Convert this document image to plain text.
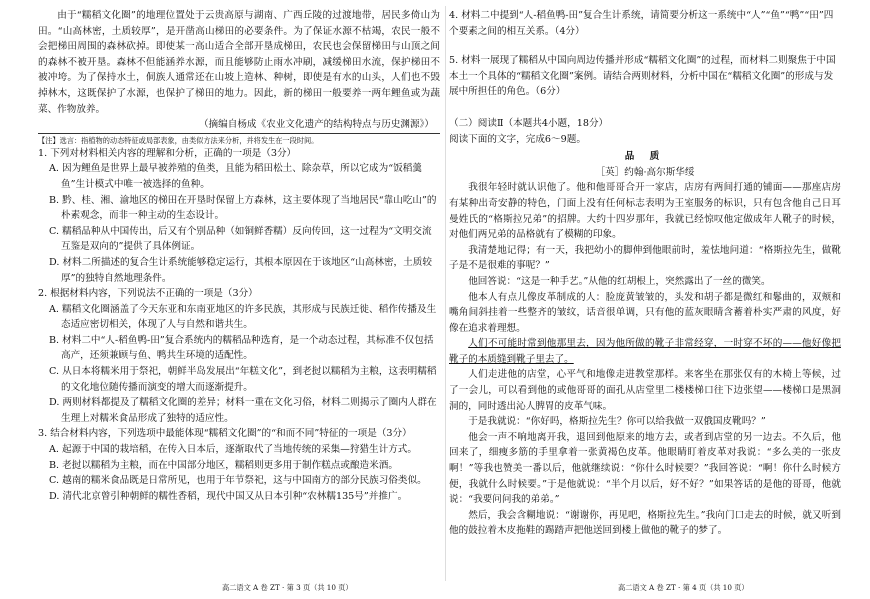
由于“糯稻文化圈”的地理位置处于云贵高原与湖南、广西丘陵的过渡地带，居民多倚山为田。“山高林密，土质较厚”，是开凿高山梯田的必要条件。为了保证水源不枯竭，农民一般不会把梯田周围的森林砍掉。即使某一高山适合全部开垦成梯田，农民也会保留梯田与山顶之间的森林不被开垦。森林不但能涵养水源，而且能够防止雨水冲刷，减缓梯田水流，保护梯田不被冲垮。为了保持水土，侗族人通常还在山坡上造林、种树，即使是有水的山头，人们也不毁掉林木，这既保护了水源，也保护了梯田的地力。因此，新的梯田一般要养一两年鲤鱼或为蔬菜、作物放养。

（摘编自杨成《农业文化遗产的结构特点与历史渊源》）

【注】选言：指植物的动态特征或局部表象，由类似方法来分析，并将发生在一段时间。

1. 下列对材料相关内容的理解和分析，正确的一项是（3分）

A. 因为鲤鱼是世界上最早被养殖的鱼类，且能为稻田松土、除杂草，所以它成为“饭稻羹鱼”生计模式中唯一被选择的鱼种。

B. 黔、桂、湘、渝地区的梯田在开垦时保留上方森林，这主要体现了当地居民“靠山吃山”的朴素观念，而非一种主动的生态设计。

C. 糯稻品种从中国传出，后又有个别品种（如铜鲜香糯）反向传回，这一过程为“文明交流互鉴是双向的”提供了具体例证。

D. 材料二所描述的复合生计系统能够稳定运行，其根本原因在于该地区“山高林密，土质较厚”的独特自然地理条件。

2. 根据材料内容，下列说法不正确的一项是（3分）

A. 糯稻文化圈涵盖了今天东亚和东南亚地区的许多民族，其形成与民族迁徙、稻作传播及生态适应密切相关，体现了人与自然和谐共生。

B. 材料二中“人-稻鱼鸭-田”复合系统内的糯稻品种选育，是一个动态过程，其标准不仅包括高产，还须兼顾与鱼、鸭共生环境的适配性。

C. 从日本将糯米用于祭祀，朝鲜半岛发展出“年糕文化”，到老挝以糯稻为主粮，这表明糯稻的文化地位随传播而演变的增大而逐渐提升。

D. 两则材料都提及了糯稻文化圈的差异；材料一重在文化习俗，材料二则揭示了圈内人群在生理上对糯米食品形成了独特的适应性。

3. 结合材料内容，下列选项中最能体现“糯稻文化圈”的“和而不同”特征的一项是（3分）

A. 起源于中国的栽培稻，在传入日本后，逐渐取代了当地传统的采集—狩猎生计方式。

B. 老挝以糯稻为主粮，而在中国部分地区，糯稻则更多用于制作糕点或酿造米酒。

C. 越南的糯米食品既是日常所见，也用于年节祭祀，这与中国南方的部分民族习俗类似。

D. 清代北京曾引种朝鲜的糯性香稻，现代中国又从日本引种“农林糯135号”并推广。

4. 材料二中提到“人-稻鱼鸭-田”复合生计系统，请简要分析这一系统中“人”“鱼”“鸭”“田”四个要素之间的相互关系。（4分）

5. 材料一展现了糯稻从中国向周边传播并形成“糯稻文化圈”的过程，而材料二则聚焦于中国本土一个具体的“糯稻文化圈”案例。请结合两则材料，分析中国在“糯稻文化圈”的形成与发展中所担任的角色。（6分）

（二）阅读Ⅱ（本题共4小题，18分）

阅读下面的文字，完成6～9题。

品 质

［英］约翰·高尔斯华绥

我很年轻时就认识他了。他和他哥哥合开一家店，店房有两间打通的铺面——那座店房有某种出奇安静的特色，门面上没有任何标志表明为王室服务的标识，只有包含他自己日耳曼姓氏的“格斯拉兄弟”的招牌。大约十四岁那年，我就已经惊叹他定做成年人靴子的时候，对他们两兄弟的品格就有了模糊的印象。

我清楚地记得；有一天，我把幼小的脚伸到他眼前时，羞怯地问道：“格斯拉先生，做靴子是不是很难的事呢？”

他回答说：“这是一种手艺。”从他的红胡根上，突然露出了一丝的微笑。

他本人有点儿像皮革制成的人：脸庞黄皱皱的，头发和胡子都是微红和鬈曲的，双颊和嘴角间斜挂着一些整齐的皱纹，话音很单调，只有他的蓝灰眼睛含蓄着朴实严肃的风度，好像在追求着理想。

人们不可能时常到他那里去，因为他所做的靴子非常经穿，一时穿不坏的——他好像把靴子的本质缝到靴子里去了。

人们走进他的店堂，心平气和地像走进教堂那样。来客坐在那张仅有的木椅上等候，过了一会儿，可以看到他的或他哥哥的面孔从店堂里二楼楼梯口往下边张望——楼梯口是黑洞洞的，同时透出沁人脾胃的皮革气味。

于是我就说：“你好吗，格斯拉先生？你可以给我做一双俄国皮靴吗？”

他会一声不响地离开我，退回到他原来的地方去，或者到店堂的另一边去。不久后，他回来了，细瘦多筋的手里拿着一张黄褐色皮革。他眼睛盯着皮革对我说：“多么美的一张皮啊！”等我也赞美一番以后，他就继续说：“你什么时候要？”我回答说：“啊！你什么时候方便，我就什么时候要。”于是他就说：“半个月以后，好不好？”如果答话的是他的哥哥，他就说：“我要问问我的弟弟。”

然后，我会含糊地说：“谢谢你，再见吧，格斯拉先生。”我向门口走去的时候，就又听到他的鼓拉着木皮拖鞋的踢踏声把他送回到楼上做他的靴子的梦了。

高二语文 A 卷 ZT · 第 3 页（共 10 页）	高二语文 A 卷 ZT · 第 4 页（共 10 页）
